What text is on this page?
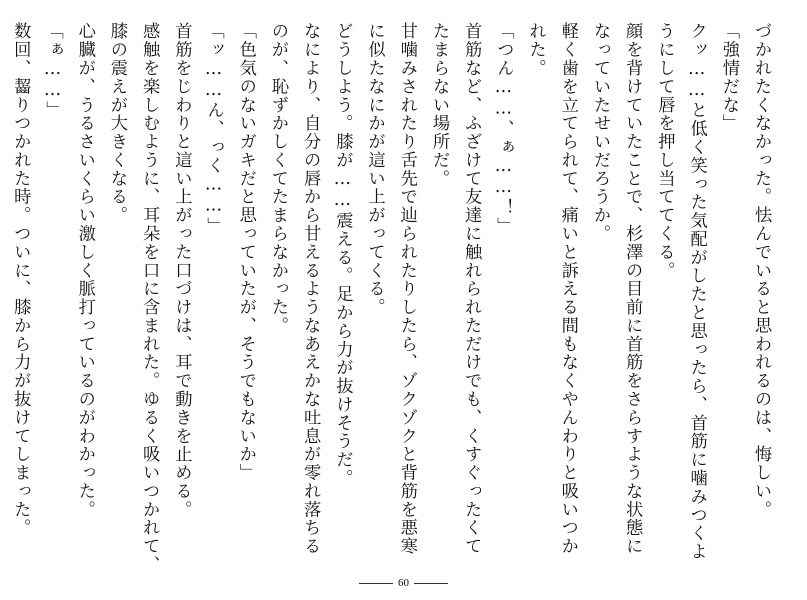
づかれたくなかった。怯んでいると思われるのは、悔しい。
「強情だな」
クッ……と低く笑った気配がしたと思ったら、首筋に噛みつくよ
うにして唇を押し当ててくる。
顔を背けていたことで、杉澤の目前に首筋をさらすような状態に
なっていたせいだろうか。
軽く歯を立てられて、痛いと訴える間もなくやんわりと吸いつか
れた。
「つん……、ぁ……！」
首筋など、ふざけて友達に触れられただけでも、くすぐったくて
たまらない場所だ。
甘噛みされたり舌先で辿られたりしたら、ゾクゾクと背筋を悪寒
に似たなにかが這い上がってくる。
どうしよう。膝が……震える。足から力が抜けそうだ。
なにより、自分の唇から甘えるようなあえかな吐息が零れ落ちる
のが、恥ずかしくてたまらなかった。
「色気のないガキだと思っていたが、そうでもないか」
「ッ……ん、っく……」
首筋をじわりと這い上がった口づけは、耳で動きを止める。
感触を楽しむように、耳朵を口に含まれた。ゆるく吸いつかれて、
膝の震えが大きくなる。
心臓が、うるさいくらい激しく脈打っているのがわかった。
「ぁ……」
数回、齧りつかれた時。ついに、膝から力が抜けてしまった。
60
